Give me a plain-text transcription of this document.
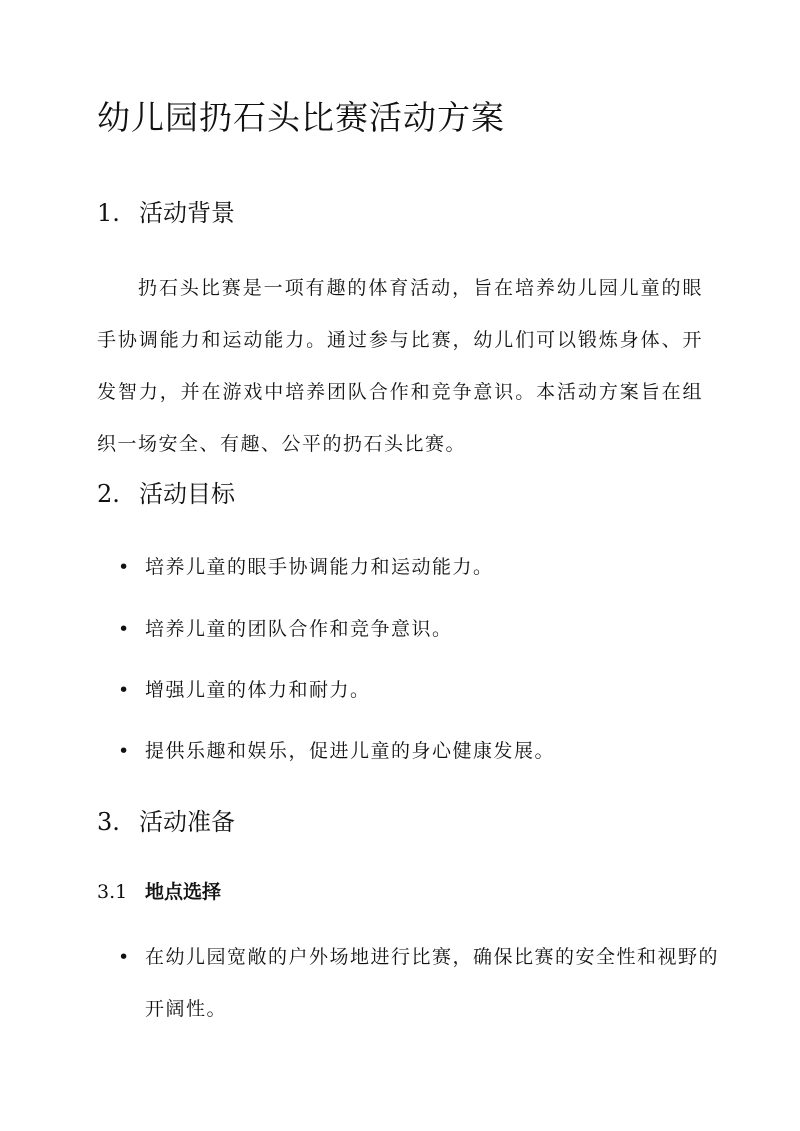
幼儿园扔石头比赛活动方案
1. 活动背景

扔石头比赛是一项有趣的体育活动，旨在培养幼儿园儿童的眼手协调能力和运动能力。通过参与比赛，幼儿们可以锻炼身体、开发智力，并在游戏中培养团队合作和竞争意识。本活动方案旨在组织一场安全、有趣、公平的扔石头比赛。

2. 活动目标

• 培养儿童的眼手协调能力和运动能力。

• 培养儿童的团队合作和竞争意识。

• 增强儿童的体力和耐力。

• 提供乐趣和娱乐，促进儿童的身心健康发展。

3. 活动准备
3.1 地点选择

• 在幼儿园宽敞的户外场地进行比赛，确保比赛的安全性和视野的开阔性。
